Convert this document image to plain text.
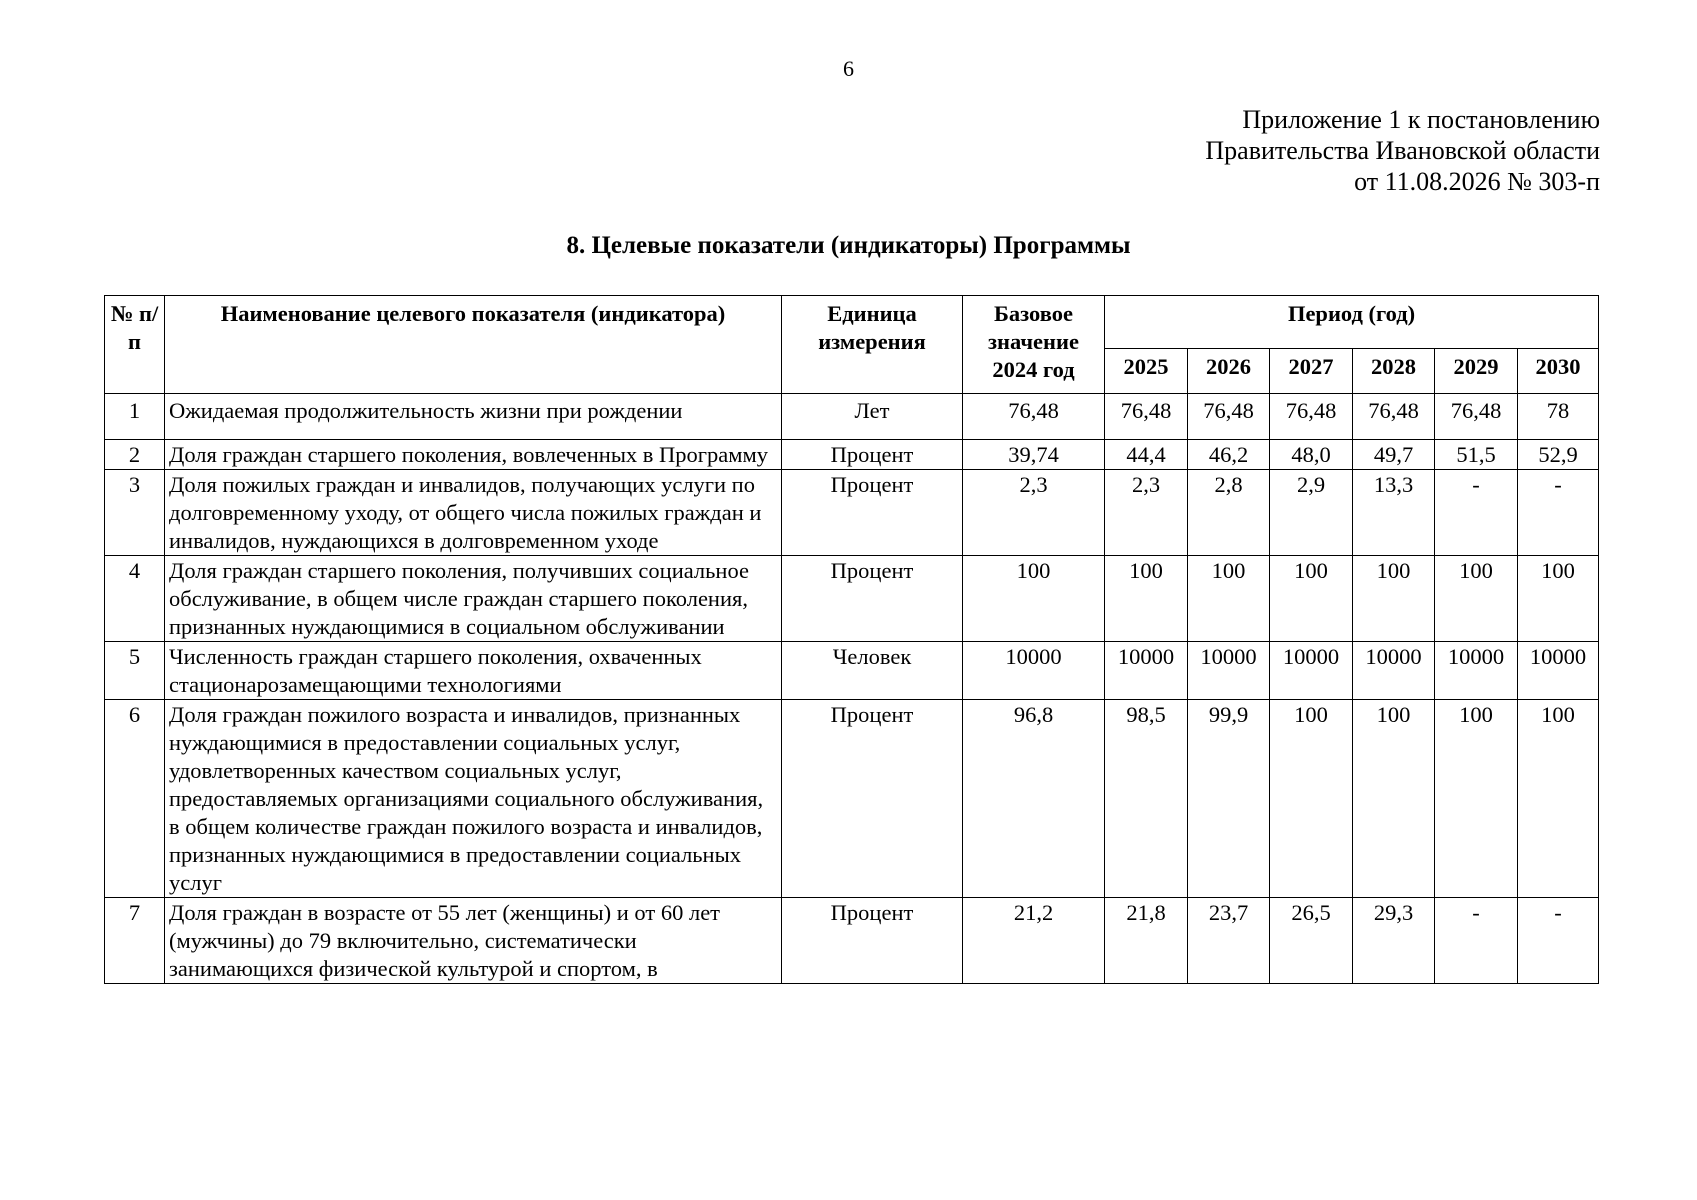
6
Приложение 1 к постановлению
Правительства Ивановской области
от 11.08.2026 № 303-п
8. Целевые показатели (индикаторы) Программы
№ п/п	Наименование целевого показателя (индикатора)	Единица измерения	Базовое значение 2024 год	Период (год)					
				2025	2026	2027	2028	2029	2030
1	Ожидаемая продолжительность жизни при рождении	Лет	76,48	76,48	76,48	76,48	76,48	76,48	78
2	Доля граждан старшего поколения, вовлеченных в Программу	Процент	39,74	44,4	46,2	48,0	49,7	51,5	52,9
3	Доля пожилых граждан и инвалидов, получающих услуги по долговременному уходу, от общего числа пожилых граждан и инвалидов, нуждающихся в долговременном уходе	Процент	2,3	2,3	2,8	2,9	13,3	-	-
4	Доля граждан старшего поколения, получивших социальное обслуживание, в общем числе граждан старшего поколения, признанных нуждающимися в социальном обслуживании	Процент	100	100	100	100	100	100	100
5	Численность граждан старшего поколения, охваченных стационарозамещающими технологиями	Человек	10000	10000	10000	10000	10000	10000	10000
6	Доля граждан пожилого возраста и инвалидов, признанных нуждающимися в предоставлении социальных услуг, удовлетворенных качеством социальных услуг, предоставляемых организациями социального обслуживания, в общем количестве граждан пожилого возраста и инвалидов, признанных нуждающимися в предоставлении социальных услуг	Процент	96,8	98,5	99,9	100	100	100	100
7	Доля граждан в возрасте от 55 лет (женщины) и от 60 лет (мужчины) до 79 включительно, систематически занимающихся физической культурой и спортом, в	Процент	21,2	21,8	23,7	26,5	29,3	-	-
